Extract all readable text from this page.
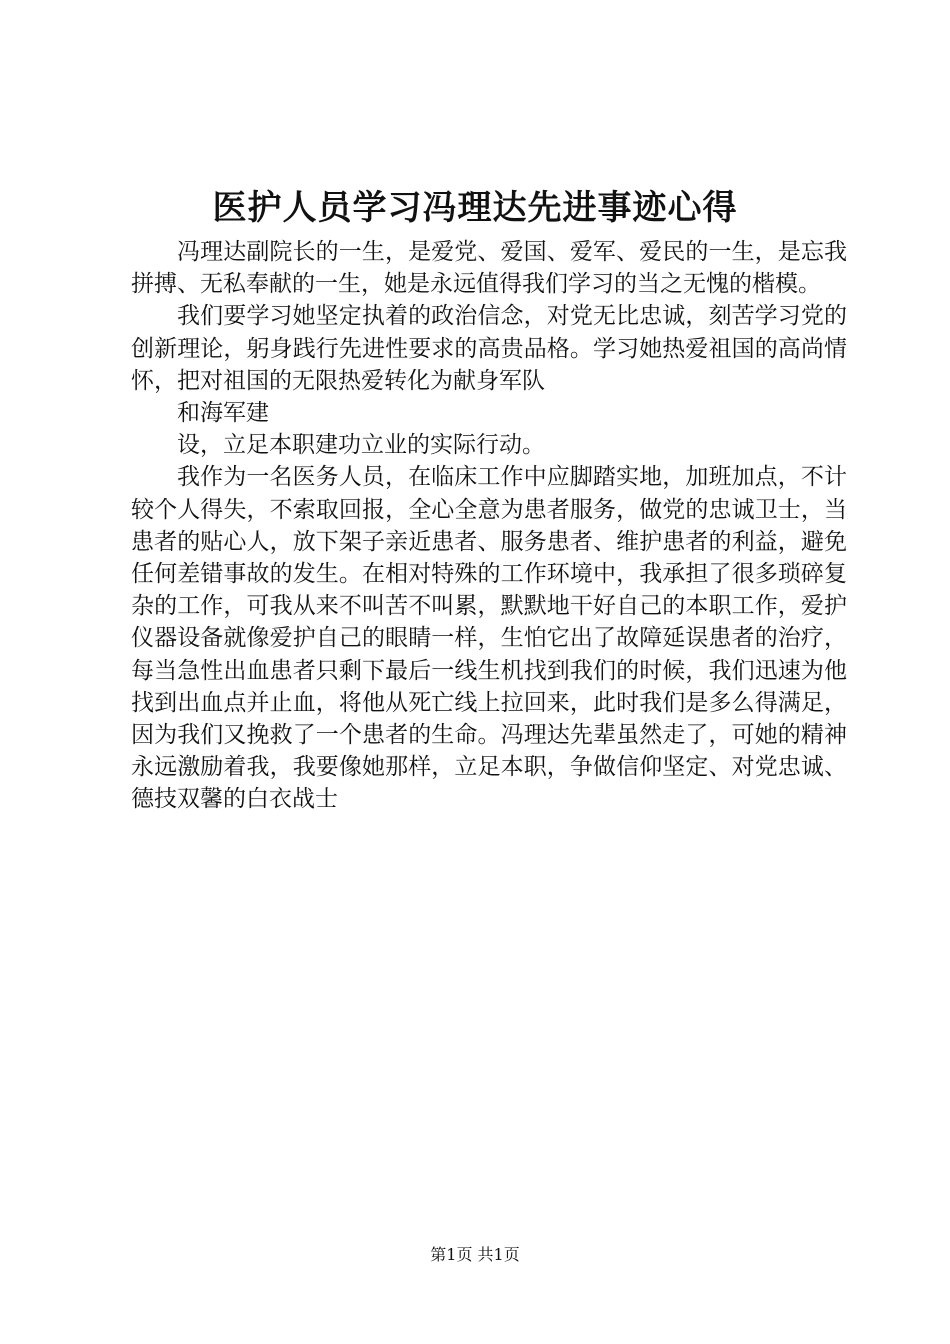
医护人员学习冯理达先进事迹心得

冯理达副院长的一生，是爱党、爱国、爱军、爱民的一生，是忘我拼搏、无私奉献的一生，她是永远值得我们学习的当之无愧的楷模。

我们要学习她坚定执着的政治信念，对党无比忠诚，刻苦学习党的创新理论，躬身践行先进性要求的高贵品格。学习她热爱祖国的高尚情怀，把对祖国的无限热爱转化为献身军队

和海军建

设，立足本职建功立业的实际行动。

我作为一名医务人员，在临床工作中应脚踏实地，加班加点，不计较个人得失，不索取回报，全心全意为患者服务，做党的忠诚卫士，当患者的贴心人，放下架子亲近患者、服务患者、维护患者的利益，避免任何差错事故的发生。在相对特殊的工作环境中，我承担了很多琐碎复杂的工作，可我从来不叫苦不叫累，默默地干好自己的本职工作，爱护仪器设备就像爱护自己的眼睛一样，生怕它出了故障延误患者的治疗，每当急性出血患者只剩下最后一线生机找到我们的时候，我们迅速为他找到出血点并止血，将他从死亡线上拉回来，此时我们是多么得满足，因为我们又挽救了一个患者的生命。冯理达先辈虽然走了，可她的精神永远激励着我，我要像她那样，立足本职，争做信仰坚定、对党忠诚、德技双馨的白衣战士

第1页 共1页
